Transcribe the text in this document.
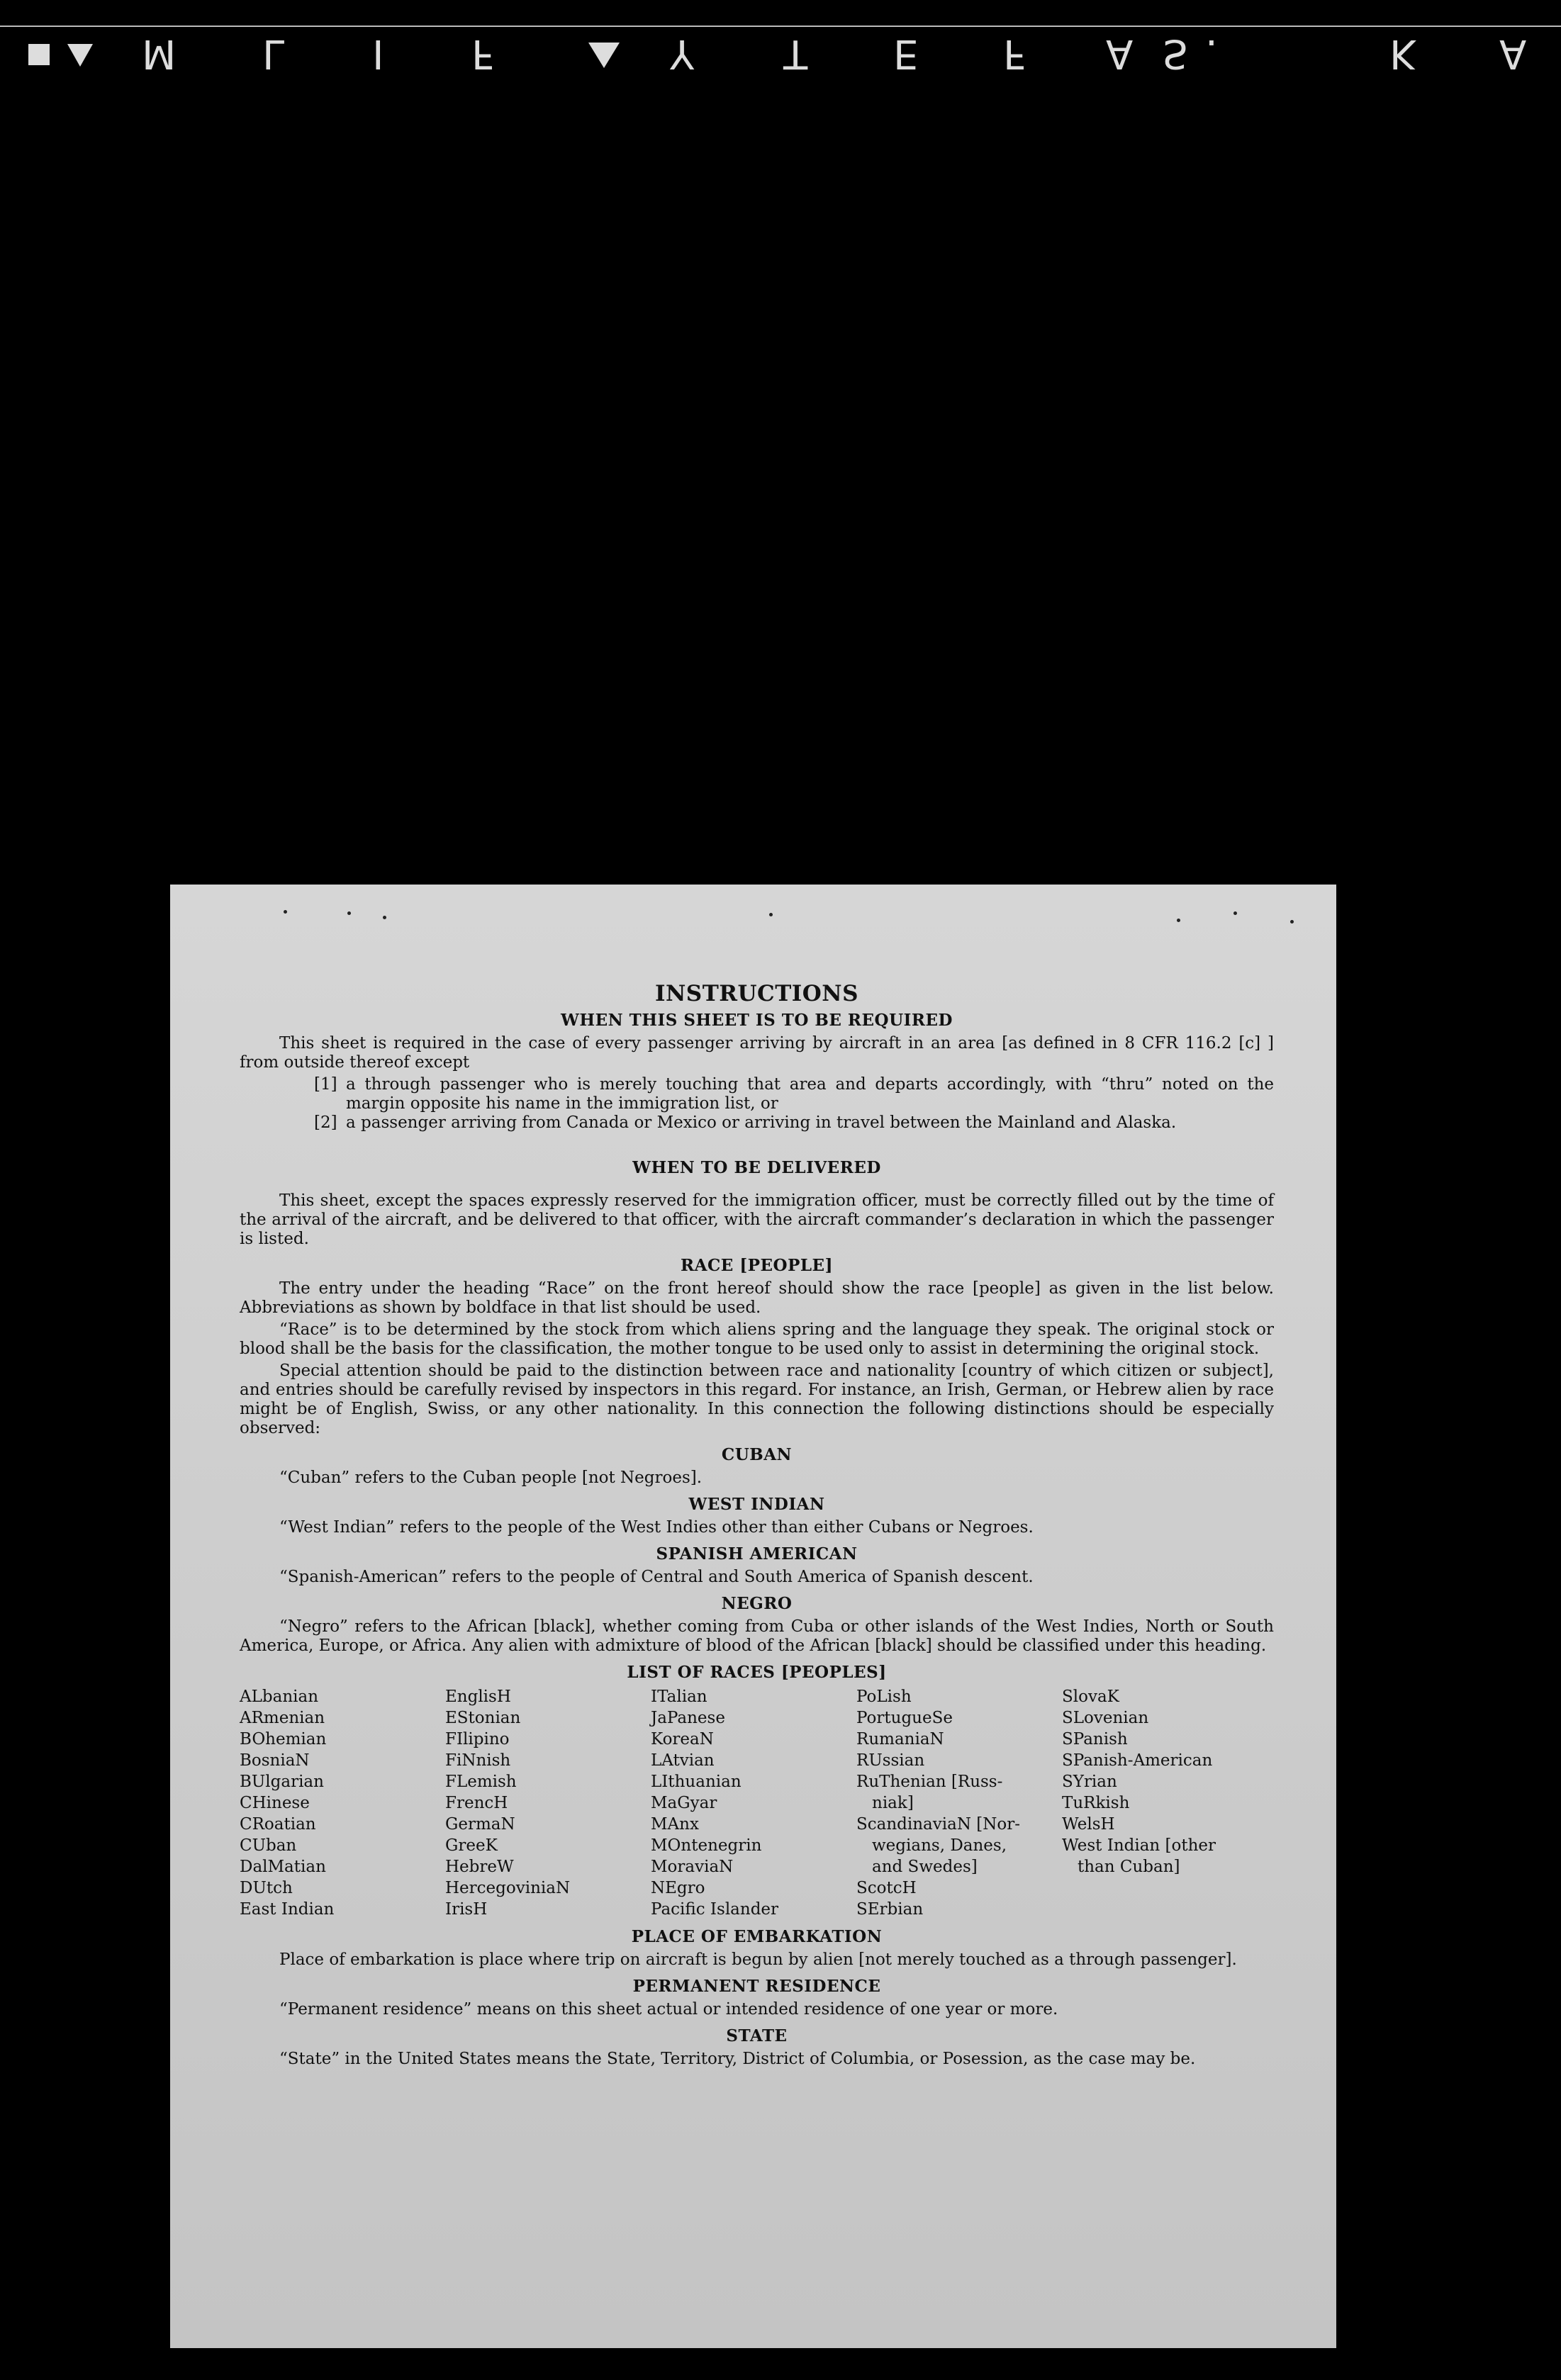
M L I F	Y T E F A S .	K A
INSTRUCTIONS
WHEN THIS SHEET IS TO BE REQUIRED

This sheet is required in the case of every passenger arriving by aircraft in an area [as defined in 8 CFR 116.2 [c] ] from outside thereof except

[1] a through passenger who is merely touching that area and departs accordingly, with “thru” noted on the margin opposite his name in the immigration list, or
[2] a passenger arriving from Canada or Mexico or arriving in travel between the Mainland and Alaska.
WHEN TO BE DELIVERED

This sheet, except the spaces expressly reserved for the immigration officer, must be correctly filled out by the time of the arrival of the aircraft, and be delivered to that officer, with the aircraft commander’s declaration in which the passenger is listed.

RACE [PEOPLE]

The entry under the heading “Race” on the front hereof should show the race [people] as given in the list below. Abbreviations as shown by boldface in that list should be used.

“Race” is to be determined by the stock from which aliens spring and the language they speak. The original stock or blood shall be the basis for the classification, the mother tongue to be used only to assist in determining the original stock.

Special attention should be paid to the distinction between race and nationality [country of which citizen or subject], and entries should be carefully revised by inspectors in this regard. For instance, an Irish, German, or Hebrew alien by race might be of English, Swiss, or any other nationality. In this connection the following distinctions should be especially observed:

CUBAN

“Cuban” refers to the Cuban people [not Negroes].

WEST INDIAN

“West Indian” refers to the people of the West Indies other than either Cubans or Negroes.

SPANISH AMERICAN

“Spanish-American” refers to the people of Central and South America of Spanish descent.

NEGRO

“Negro” refers to the African [black], whether coming from Cuba or other islands of the West Indies, North or South America, Europe, or Africa. Any alien with admixture of blood of the African [black] should be classified under this heading.

LIST OF RACES [PEOPLES]
ALbanian
ARmenian
BOhemian
BosniaN
BUlgarian
CHinese
CRoatian
CUban
DalMatian
DUtch
East Indian
EnglisH
EStonian
FIlipino
FiNnish
FLemish
FrencH
GermaN
GreeK
HebreW
HercegoviniaN
IrisH
ITalian
JaPanese
KoreaN
LAtvian
LIthuanian
MaGyar
MAnx
MOntenegrin
MoraviaN
NEgro
Pacific Islander
PoLish
PortugueSe
RumaniaN
RUssian
RuThenian [Russ-
niak]
ScandinaviaN [Nor-
wegians, Danes,
and Swedes]
ScotcH
SErbian
SlovaK
SLovenian
SPanish
SPanish-American
SYrian
TuRkish
WelsH
West Indian [other
than Cuban]
PLACE OF EMBARKATION

Place of embarkation is place where trip on aircraft is begun by alien [not merely touched as a through passenger].

PERMANENT RESIDENCE

“Permanent residence” means on this sheet actual or intended residence of one year or more.

STATE

“State” in the United States means the State, Territory, District of Columbia, or Posession, as the case may be.
